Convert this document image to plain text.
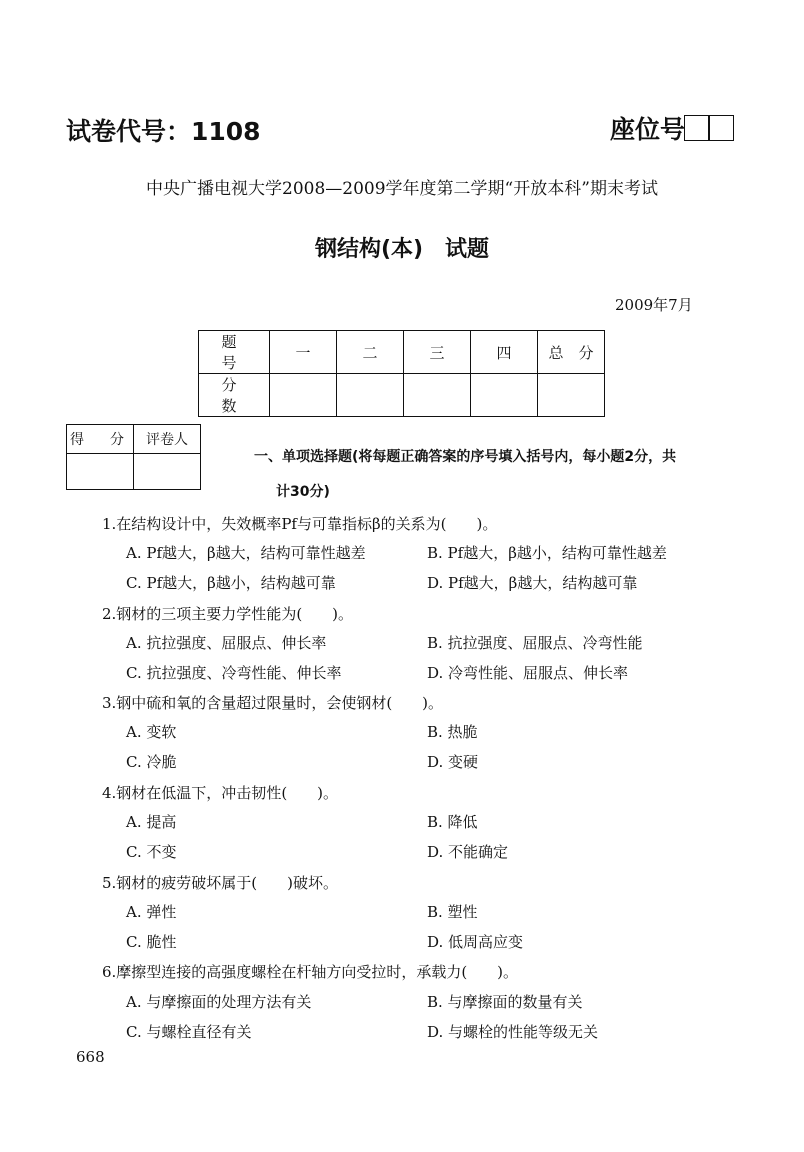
试卷代号：1108	座位号
中央广播电视大学2008—2009学年度第二学期“开放本科”期末考试
钢结构(本)　试题
2009年7月
题　号	一	二	三	四	总　分
分　数					
得　分	评卷人

一、单项选择题(将每题正确答案的序号填入括号内，每小题2分，共
计30分)
1.在结构设计中，失效概率Pf与可靠指标β的关系为(　　)。
A. Pf越大，β越大，结构可靠性越差	B. Pf越大，β越小，结构可靠性越差
C. Pf越大，β越小，结构越可靠	D. Pf越大，β越大，结构越可靠
2.钢材的三项主要力学性能为(　　)。
A. 抗拉强度、屈服点、伸长率	B. 抗拉强度、屈服点、冷弯性能
C. 抗拉强度、冷弯性能、伸长率	D. 冷弯性能、屈服点、伸长率
3.钢中硫和氧的含量超过限量时，会使钢材(　　)。
A. 变软	B. 热脆
C. 冷脆	D. 变硬
4.钢材在低温下，冲击韧性(　　)。
A. 提高	B. 降低
C. 不变	D. 不能确定
5.钢材的疲劳破坏属于(　　)破坏。
A. 弹性	B. 塑性
C. 脆性	D. 低周高应变
6.摩擦型连接的高强度螺栓在杆轴方向受拉时，承载力(　　)。
A. 与摩擦面的处理方法有关	B. 与摩擦面的数量有关
C. 与螺栓直径有关	D. 与螺栓的性能等级无关
668
